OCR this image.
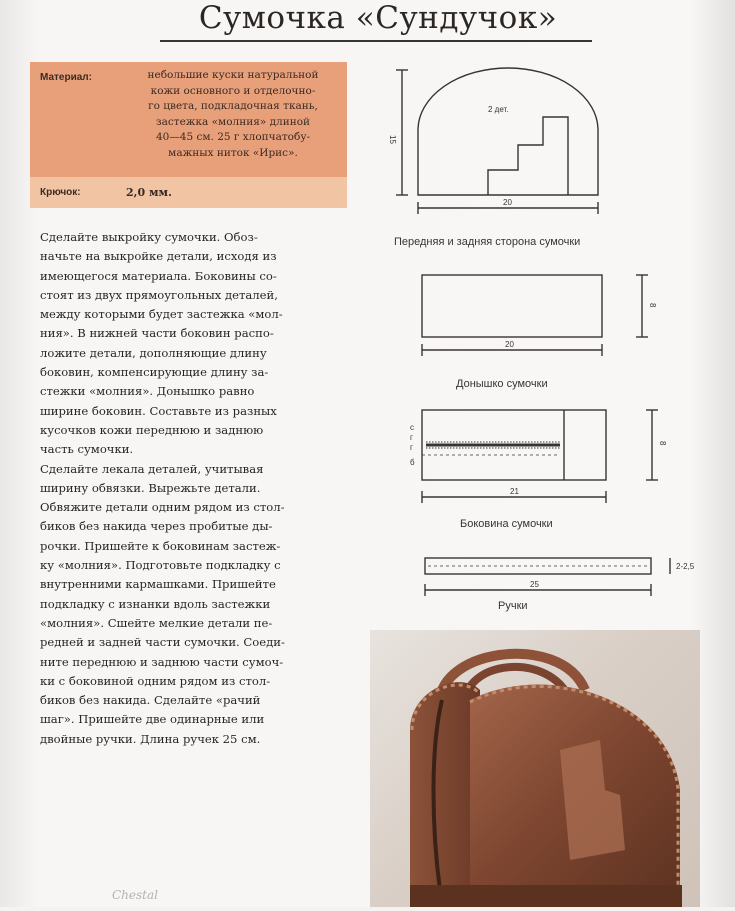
Сумочка «Сундучок»
Материал:	небольшие куски натуральной
кожи основного и отделочно-
го цвета, подкладочная ткань,
застежка «молния» длиной
40—45 см. 25 г хлопчатобу-
мажных ниток «Ирис».
Крючок:	2,0 мм.

Сделайте выкройку сумочки. Обоз-

начьте на выкройке детали, исходя из

имеющегося материала. Боковины со-

стоят из двух прямоугольных деталей,

между которыми будет застежка «мол-

ния». В нижней части боковин распо-

ложите детали, дополняющие длину

боковин, компенсирующие длину за-

стежки «молния». Донышко равно

ширине боковин. Составьте из разных

кусочков кожи переднюю и заднюю

часть сумочки.

Сделайте лекала деталей, учитывая

ширину обвязки. Вырежьте детали.

Обвяжите детали одним рядом из стол-

биков без накида через пробитые ды-

рочки. Пришейте к боковинам застеж-

ку «молния». Подготовьте подкладку с

внутренними кармашками. Пришейте

подкладку с изнанки вдоль застежки

«молния». Сшейте мелкие детали пе-

редней и задней части сумочки. Соеди-

ните переднюю и заднюю части сумоч-

ки с боковиной одним рядом из стол-

биков без накида. Сделайте «рачий

шаг». Пришейте две одинарные или

двойные ручки. Длина ручек 25 см.

2 дет.
15
20
8
20
8
21
с
г
г
б
2-2,5
25
Передняя и задняя сторона сумочки
Донышко сумочки
Боковина сумочки
Ручки
Chestal
